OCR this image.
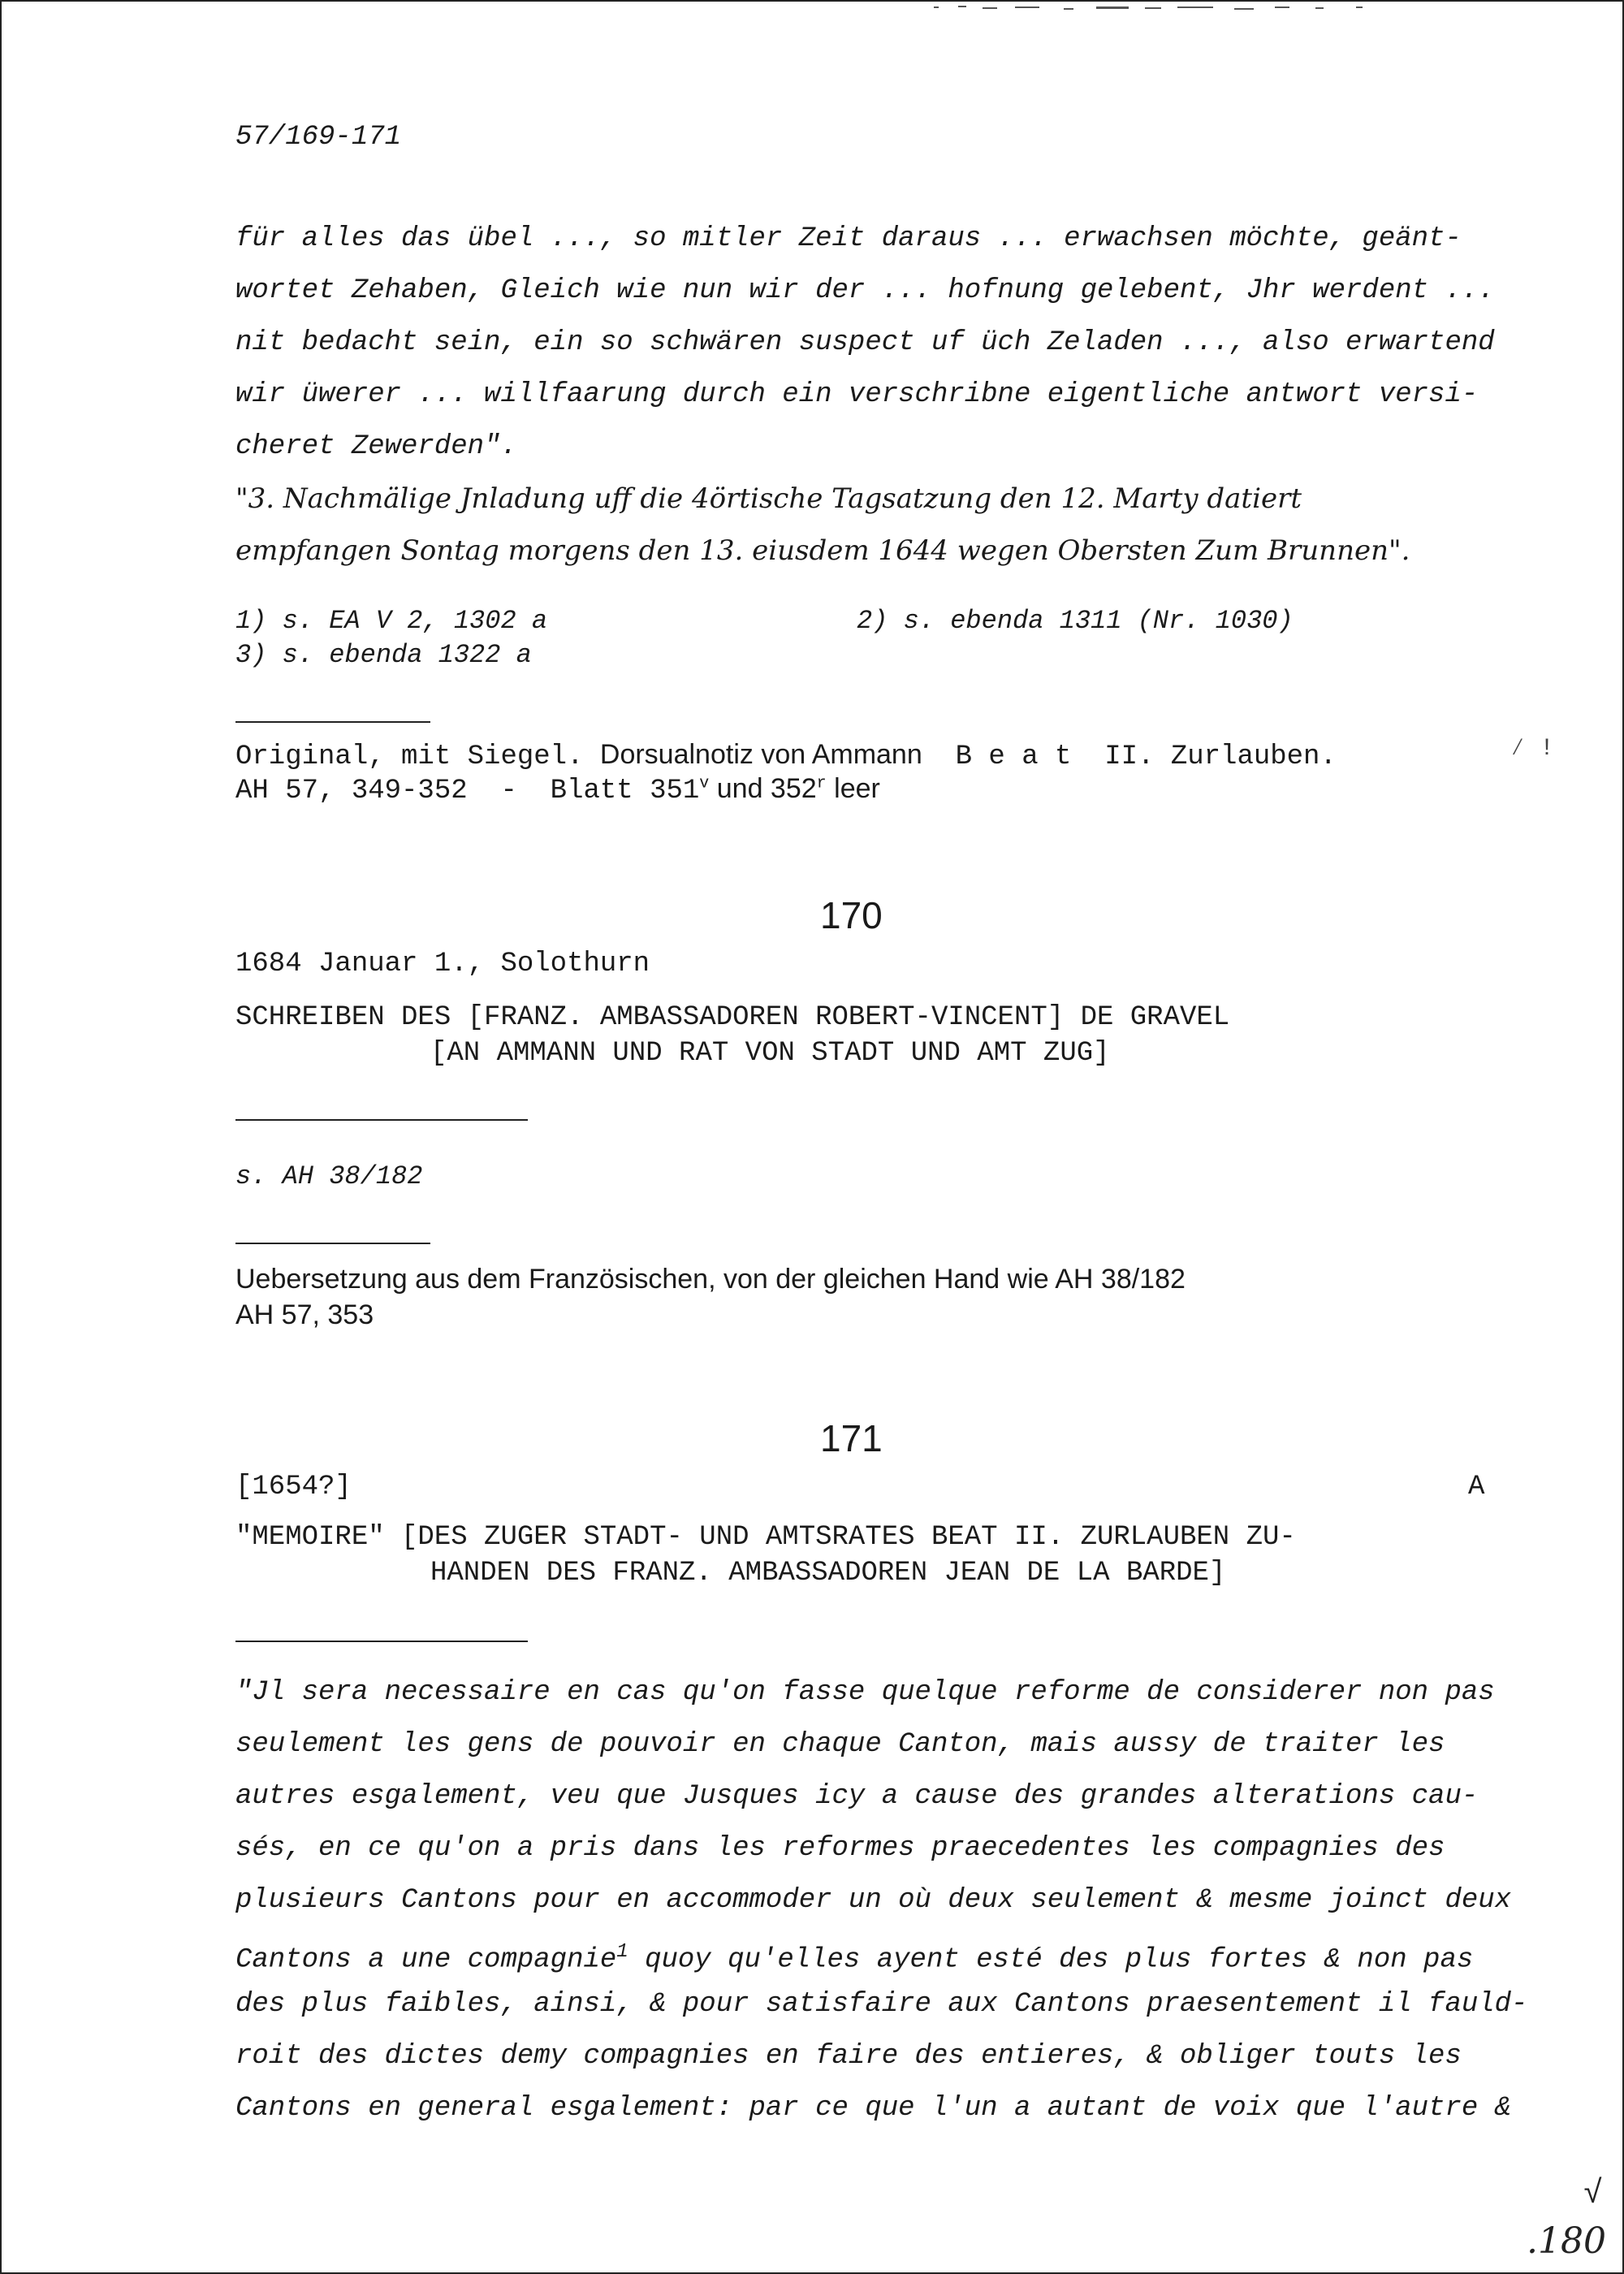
57/169-171
für alles das übel ..., so mitler Zeit daraus ... erwachsen möchte, geänt-
wortet Zehaben, Gleich wie nun wir der ... hofnung gelebent, Jhr werdent ...
nit bedacht sein, ein so schwären suspect uf üch Zeladen ..., also erwartend
wir üwerer ... willfaarung durch ein verschribne eigentliche antwort versi-
cheret Zewerden".
"3. Nachmälige Jnladung uff die 4örtische Tagsatzung den 12. Marty datiert
empfangen Sontag morgens den 13. eiusdem 1644 wegen Obersten Zum Brunnen".
1) s. EA V 2, 1302 a	2) s. ebenda 1311 (Nr. 1030)
3) s. ebenda 1322 a
Original, mit Siegel. Dorsualnotiz von Ammann B e a t II. Zurlauben.
AH 57, 349-352  -  Blatt 351$^v$ und 352$^r$ leer
⁄ !
170
1684 Januar 1., Solothurn
SCHREIBEN DES [FRANZ. AMBASSADOREN ROBERT-VINCENT] DE GRAVEL
[AN AMMANN UND RAT VON STADT UND AMT ZUG]
s. AH 38/182
Uebersetzung aus dem Französischen, von der gleichen Hand wie AH 38/182
AH 57, 353
171
[1654?]	A
"MEMOIRE" [DES ZUGER STADT- UND AMTSRATES BEAT II. ZURLAUBEN ZU-
HANDEN DES FRANZ. AMBASSADOREN JEAN DE LA BARDE]
"Jl sera necessaire en cas qu'on fasse quelque reforme de considerer non pas
seulement les gens de pouvoir en chaque Canton, mais aussy de traiter les
autres esgalement, veu que Jusques icy a cause des grandes alterations cau-
sés, en ce qu'on a pris dans les reformes praecedentes les compagnies des
plusieurs Cantons pour en accommoder un où deux seulement & mesme joinct deux
Cantons a une compagnie$^1$ quoy qu'elles ayent esté des plus fortes & non pas
des plus faibles, ainsi, & pour satisfaire aux Cantons praesentement il fauld-
roit des dictes demy compagnies en faire des entieres, & obliger touts les
Cantons en general esgalement: par ce que l'un a autant de voix que l'autre &
√
.180
